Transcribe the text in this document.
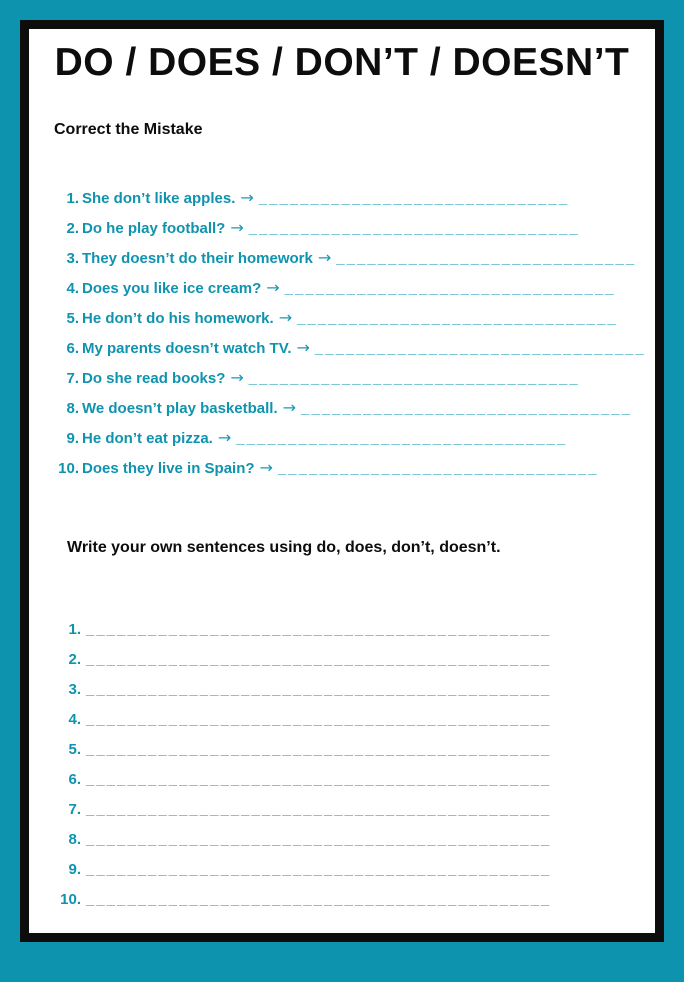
DO / DOES / DON’T / DOESN’T
Correct the Mistake
1. She don’t like apples. → ______________________________
2. Do he play football? → ________________________________
3. They doesn’t do their homework → _____________________________
4. Does you like ice cream? → ________________________________
5. He don’t do his homework. → _______________________________
6. My parents doesn’t watch TV. → ________________________________
7. Do she read books? → ________________________________
8. We doesn’t play basketball. → ________________________________
9. He don’t eat pizza. → ________________________________
10. Does they live in Spain? → _______________________________
Write your own sentences using do, does, don’t, doesn’t.
1. _____________________________________________
2. _____________________________________________
3. _____________________________________________
4. _____________________________________________
5. _____________________________________________
6. _____________________________________________
7. _____________________________________________
8. _____________________________________________
9. _____________________________________________
10. _____________________________________________
